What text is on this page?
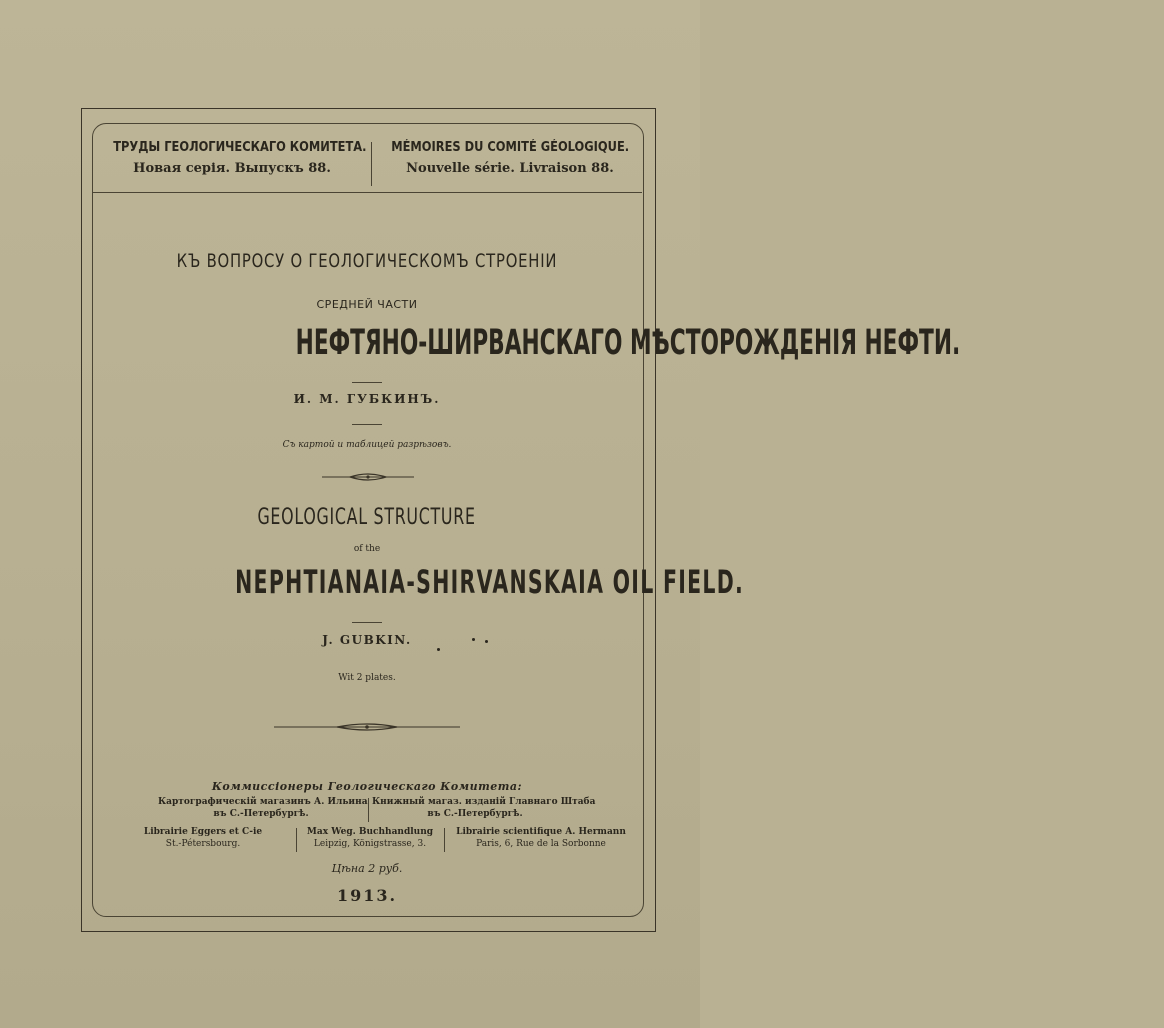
ТРУДЫ ГЕОЛОГИЧЕСКАГО КОМИТЕТА.
Новая серія. Выпускъ 88.
MÉMOIRES DU COMITÉ GÉOLOGIQUE.
Nouvelle série. Livraison 88.
КЪ ВОПРОСУ О ГЕОЛОГИЧЕСКОМЪ СТРОЕНІИ
СРЕДНЕЙ ЧАСТИ
НЕФТЯНО-ШИРВАНСКАГО МѢСТОРОЖДЕНІЯ НЕФТИ.
И. М. ГУБКИНЪ.
Съ картой и таблицей разрѣзовъ.
GEOLOGICAL STRUCTURE
of the
NEPHTIANAIA-SHIRVANSKAIA OIL FIELD.
J. GUBKIN.
Wit 2 plates.
Коммиссіонеры Геологическаго Комитета:
Картографическій магазинъ А. Ильина
въ С.-Петербургѣ.
Книжный магаз. изданій Главнаго Штаба
въ С.-Петербургѣ.
Librairie Eggers et C-ie
St.-Pétersbourg.
Max Weg. Buchhandlung
Leipzig, Königstrasse, 3.
Librairie scientifique A. Hermann
Paris, 6, Rue de la Sorbonne
Цѣна 2 руб.
1913.
